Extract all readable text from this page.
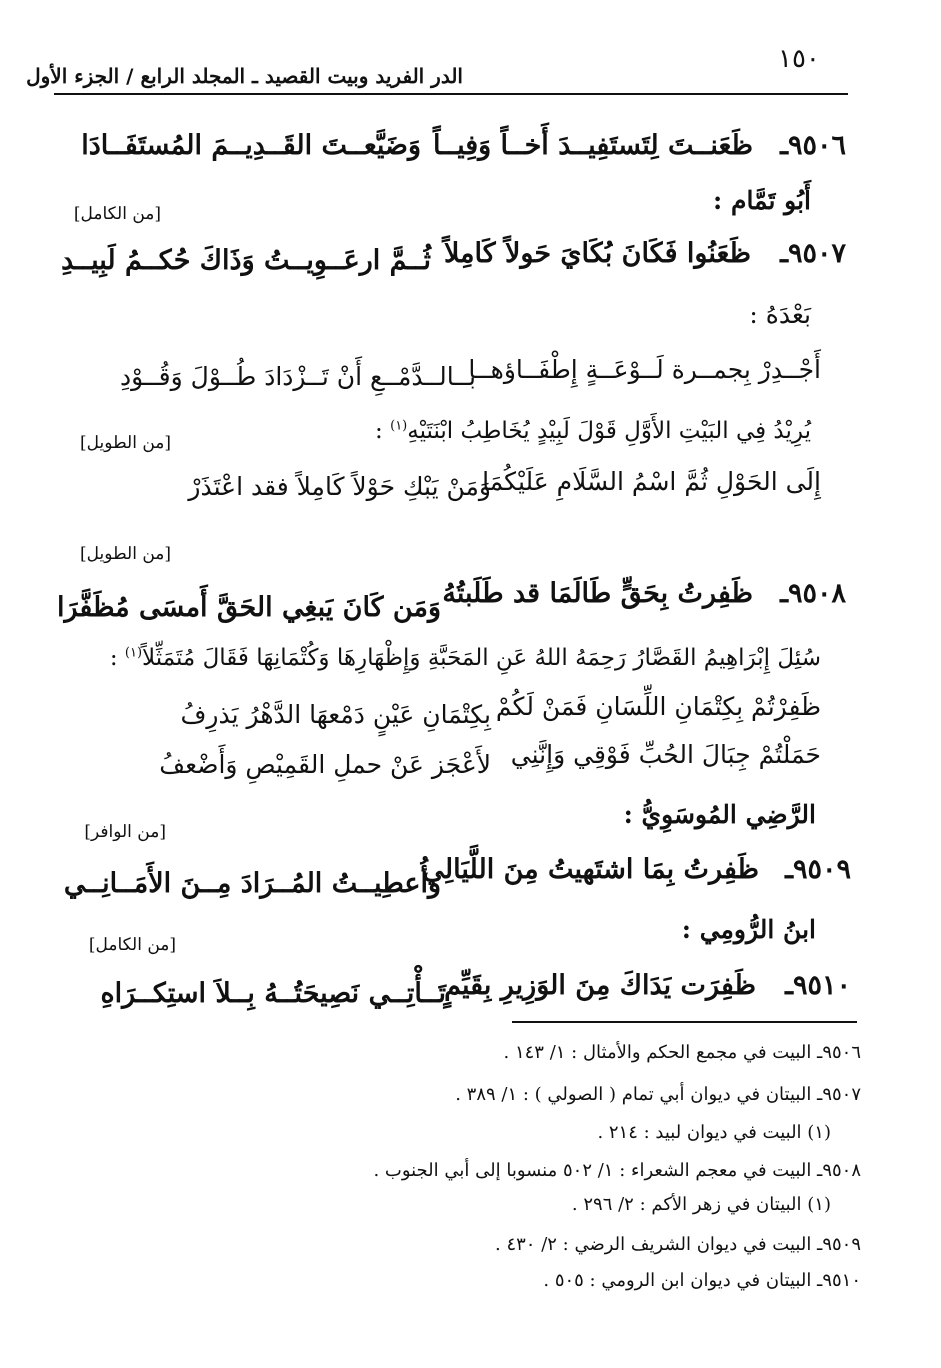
١٥٠
الدر الفريد وبيت القصيد ـ المجلد الرابع / الجزء الأول
٩٥٠٦ـ
ظَعَنــتَ لِتَستَفِيــدَ أَخــاً وَفِيــاً
وَضَيَّعــتَ القَــدِيــمَ المُستَفَــادَا
أَبُو تَمَّام :
[من الكامل]
٩٥٠٧ـ
ظَعَنُوا فَكَانَ بُكَايَ حَولاً كَامِلاً
ثُــمَّ ارعَــوِيــتُ وَذَاكَ حُكــمُ لَبِيــدِ
بَعْدَهُ :
أَجْــدِرْ بِجمــرة لَــوْعَــةٍ إِطْفَــاؤهــا
بــالــدَّمْــعِ أَنْ تَــزْدَادَ طُــوْلَ وَقُــوْدِ
يُرِيْدُ فِي البَيْتِ الأَوَّلِ قَوْلَ لَبِيْدٍ يُخَاطِبُ ابْنَتَيْهِ$^{(١)}$ :
[من الطويل]
إِلَى الحَوْلِ ثُمَّ اسْمُ السَّلَامِ عَلَيْكُمَا
وَمَنْ يَبْكِ حَوْلاً كَامِلاً فقد اعْتَذَرْ
[من الطويل]
٩٥٠٨ـ
ظَفِرتُ بِحَقٍّ طَالَمَا قد طَلَبتُهُ
وَمَن كَانَ يَبغِي الحَقَّ أَمسَى مُظَفَّرَا
سُئِلَ إِبْرَاهِيمُ القَصَّارُ رَحِمَهُ اللهُ عَنِ المَحَبَّةِ وَإِظْهَارِهَا وَكُتْمَانِهَا فَقَالَ مُتَمَثِّلاً$^{(١)}$ :
ظَفِرْتُمْ بِكِتْمَانِ اللِّسَانِ فَمَنْ لَكُمْ
بِكِتْمَانِ عَيْنٍ دَمْعهَا الدَّهْرُ يَذرِفُ
حَمَلْتُمْ جِبَالَ الحُبِّ فَوْقِي وَإِنَّنِي
لأَعْجَز عَنْ حملِ القَمِيْصِ وَأَضْعفُ
الرَّضِي المُوسَوِيُّ :
[من الوافر]
٩٥٠٩ـ
ظَفِرتُ بِمَا اشتَهيتُ مِنَ اللَّيَالِي
وَأُعطِيــتُ المُــرَادَ مِــنَ الأَمَــانِــي
ابنُ الرُّومِي :
[من الكامل]
٩٥١٠ـ
ظَفِرَت يَدَاكَ مِنَ الوَزِيرِ بِقَيِّمٍ
تَــأْتِــي نَصِيحَتُــهُ بِــلاَ استِكــرَاهِ
٩٥٠٦ـ البيت في مجمع الحكم والأمثال : ١/ ١٤٣ .
٩٥٠٧ـ البيتان في ديوان أبي تمام ( الصولي ) : ١/ ٣٨٩ .
(١) البيت في ديوان لبيد : ٢١٤ .
٩٥٠٨ـ البيت في معجم الشعراء : ١/ ٥٠٢ منسوبا إلى أبي الجنوب .
(١) البيتان في زهر الأكم : ٢/ ٢٩٦ .
٩٥٠٩ـ البيت في ديوان الشريف الرضي : ٢/ ٤٣٠ .
٩٥١٠ـ البيتان في ديوان ابن الرومي : ٥٠٥ .
